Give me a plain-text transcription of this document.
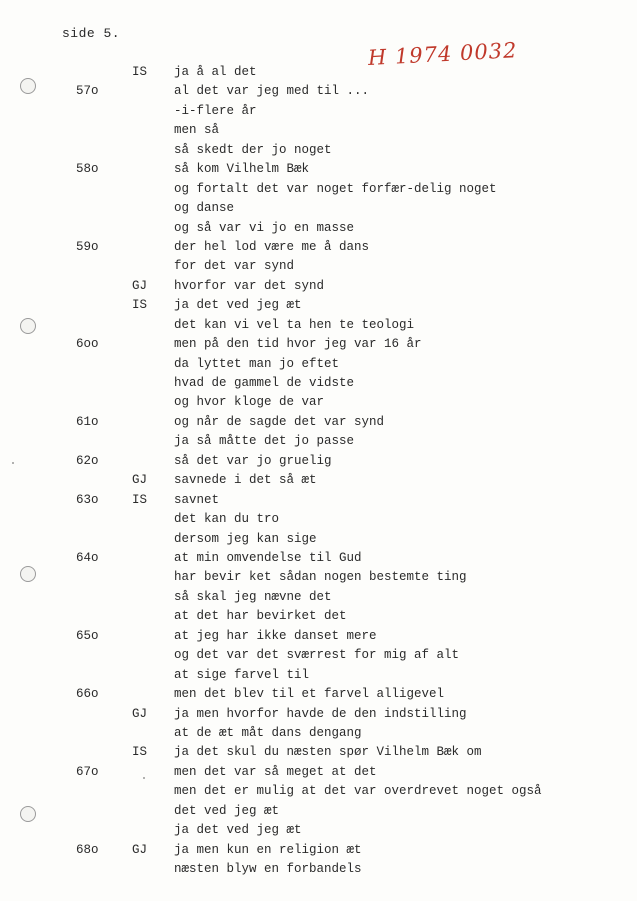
side 5.
H 1974 0032
IS ja å al det
57o	al det var jeg med til ...
-i-flere år
men så
så skedt der jo noget
58o	så kom Vilhelm Bæk
og fortalt det var noget forfær-delig noget
og danse
og så var vi jo en masse
59o	der hel lod være me å dans
for det var synd
GJ hvorfor var det synd
IS ja det ved jeg æt
det kan vi vel ta hen te teologi
6oo	men på den tid hvor jeg var 16 år
da lyttet man jo eftet
hvad de gammel de vidste
og hvor kloge de var
61o	og når de sagde det var synd
ja så måtte det jo passe
62o	så det var jo gruelig
GJ savnede i det så æt
63o	IS savnet
det kan du tro
dersom jeg kan sige
64o	at min omvendelse til Gud
har bevir ket sådan nogen bestemte ting
så skal jeg nævne det
at det har bevirket det
65o	at jeg har ikke danset mere
og det var det sværrest for mig af alt
at sige farvel til
66o	men det blev til et farvel alligevel
GJ ja men hvorfor havde de den indstilling
at de æt måt dans dengang
IS ja det skul du næsten spør Vilhelm Bæk om
67o	men det var så meget at det
men det er mulig at det var overdrevet noget også
det ved jeg æt
ja det ved jeg æt
68o	GJ ja men kun en religion æt
næsten blyw en forbandels
